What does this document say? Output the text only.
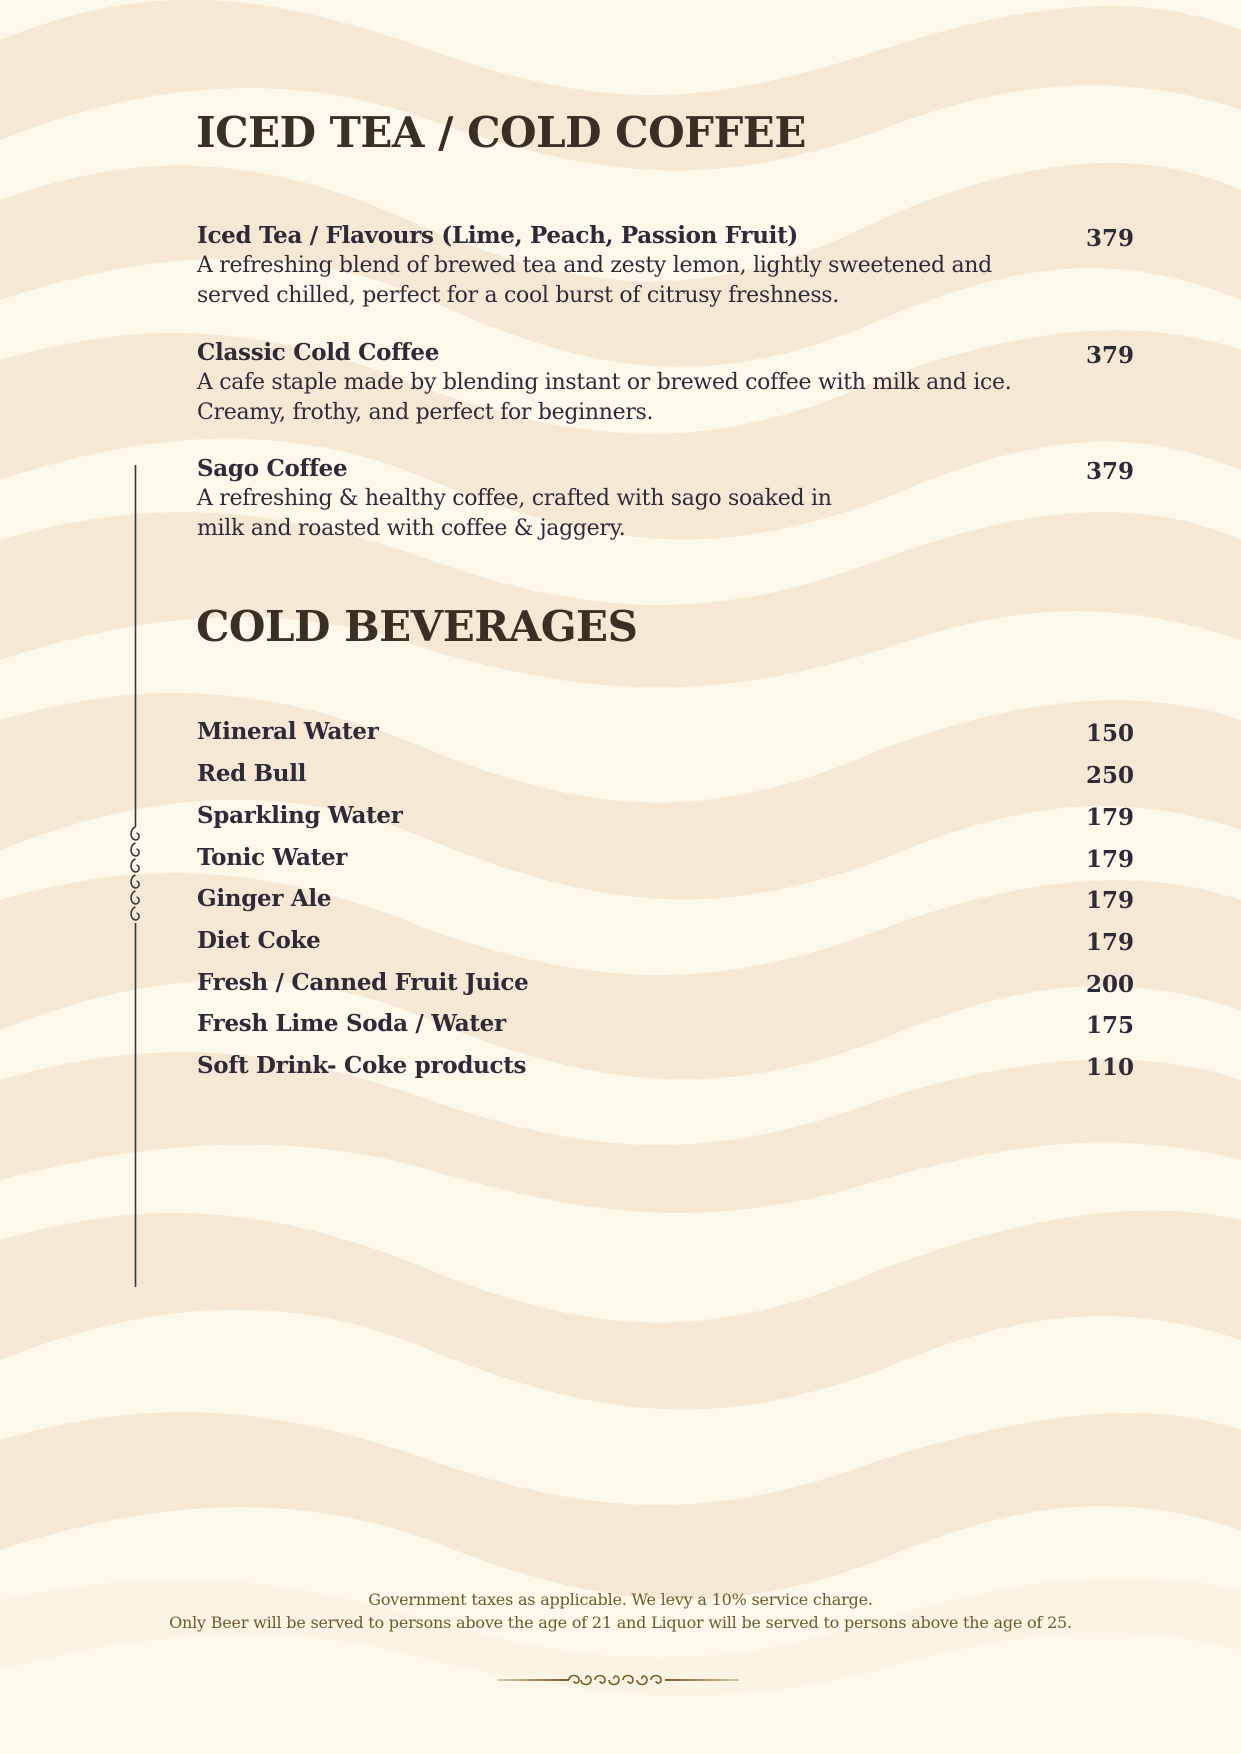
ICED TEA / COLD COFFEE
Iced Tea / Flavours (Lime, Peach, Passion Fruit)	379
A refreshing blend of brewed tea and zesty lemon, lightly sweetened and
served chilled, perfect for a cool burst of citrusy freshness.
Classic Cold Coffee	379
A cafe staple made by blending instant or brewed coffee with milk and ice.
Creamy, frothy, and perfect for beginners.
Sago Coffee	379
A refreshing & healthy coffee, crafted with sago soaked in
milk and roasted with coffee & jaggery.
COLD BEVERAGES
Mineral Water	150
Red Bull	250
Sparkling Water	179
Tonic Water	179
Ginger Ale	179
Diet Coke	179
Fresh / Canned Fruit Juice	200
Fresh Lime Soda / Water	175
Soft Drink- Coke products	110
Government taxes as applicable. We levy a 10% service charge.
Only Beer will be served to persons above the age of 21 and Liquor will be served to persons above the age of 25.
